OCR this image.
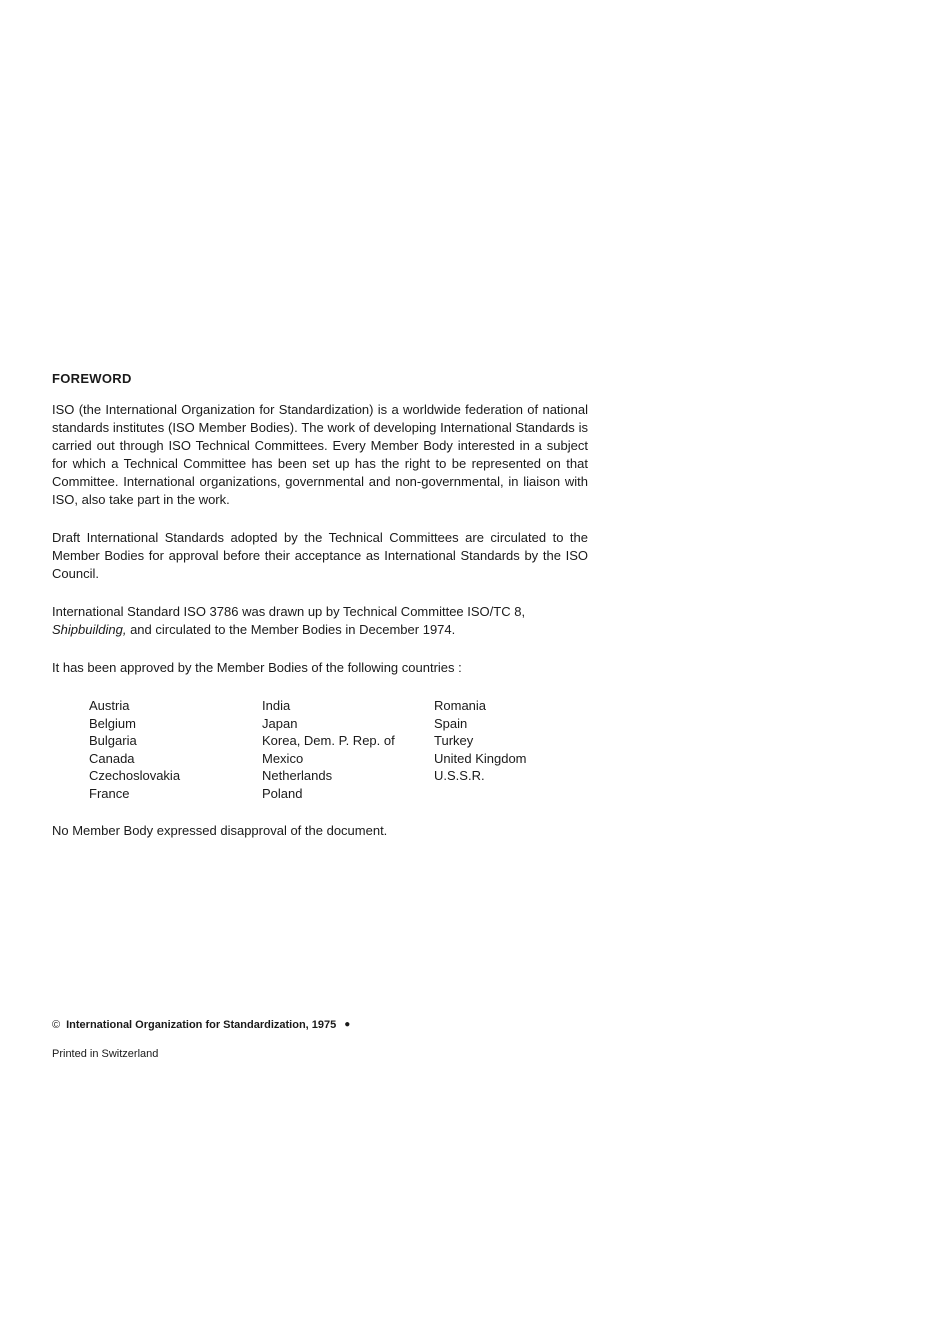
FOREWORD

ISO (the International Organization for Standardization) is a worldwide federation of national standards institutes (ISO Member Bodies). The work of developing International Standards is carried out through ISO Technical Committees. Every Member Body interested in a subject for which a Technical Committee has been set up has the right to be represented on that Committee. International organizations, governmental and non-governmental, in liaison with ISO, also take part in the work.

Draft International Standards adopted by the Technical Committees are circulated to the Member Bodies for approval before their acceptance as International Standards by the ISO Council.

International Standard ISO 3786 was drawn up by Technical Committee ISO/TC 8,
Shipbuilding, and circulated to the Member Bodies in December 1974.

It has been approved by the Member Bodies of the following countries :

Austria
Belgium
Bulgaria
Canada
Czechoslovakia
France
India
Japan
Korea, Dem. P. Rep. of
Mexico
Netherlands
Poland
Romania
Spain
Turkey
United Kingdom
U.S.S.R.

No Member Body expressed disapproval of the document.

© International Organization for Standardization, 1975 ●
Printed in Switzerland
